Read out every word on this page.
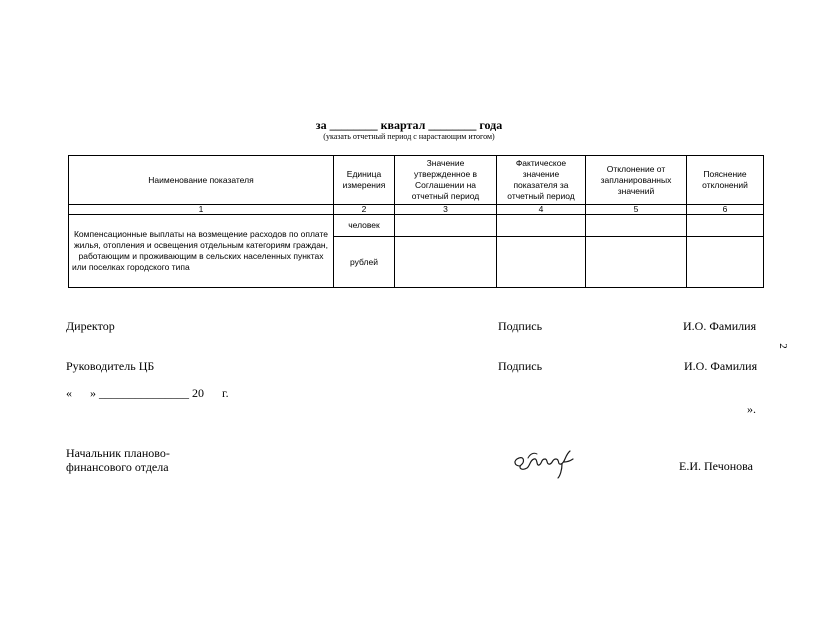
за ________ квартал ________ года
(указать отчетный период с нарастающим итогом)
Наименование показателя	Единица измерения	Значение утвержденное в Соглашении на отчетный период	Фактическое значение показателя за отчетный период	Отклонение от запланированных значений	Пояснение отклонений
1	2	3	4	5	6
Компенсационные выплаты на возмещение расходов по оплате жилья, отопления и освещения отдельным категориям граждан, работающим и проживающим в сельских населенных пунктах или поселках городского типа	человек				
	рублей				
Директор	Подпись	И.О. Фамилия
Руководитель ЦБ	Подпись	И.О. Фамилия
«      » _______________ 20      г.
».
Начальник планово-
финансового отдела	Е.И. Печонова
2
